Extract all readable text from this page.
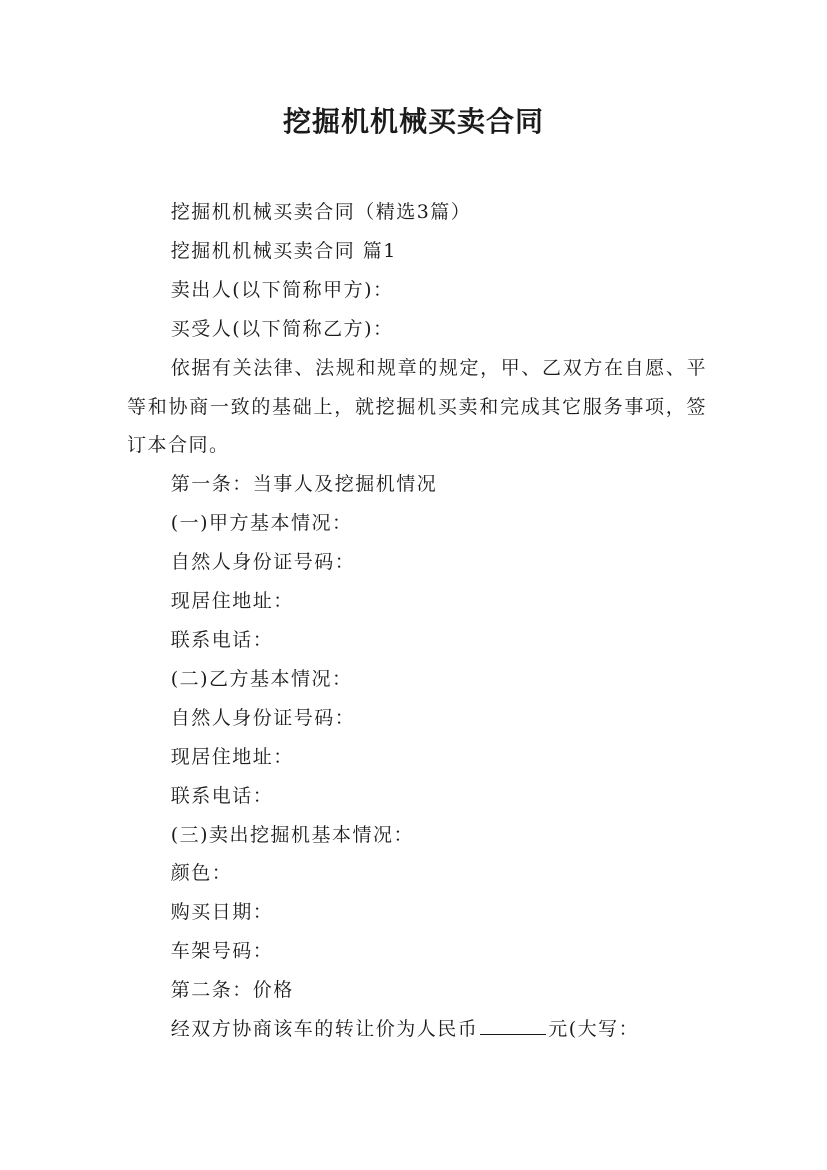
挖掘机机械买卖合同

挖掘机机械买卖合同（精选3篇）

挖掘机机械买卖合同 篇1

卖出人(以下简称甲方)：

买受人(以下简称乙方)：

依据有关法律、法规和规章的规定，甲、乙双方在自愿、平等和协商一致的基础上，就挖掘机买卖和完成其它服务事项，签订本合同。

第一条：当事人及挖掘机情况

(一)甲方基本情况：

自然人身份证号码：

现居住地址：

联系电话：

(二)乙方基本情况：

自然人身份证号码：

现居住地址：

联系电话：

(三)卖出挖掘机基本情况：

颜色：

购买日期：

车架号码：

第二条：价格

经双方协商该车的转让价为人民币	元(大写：
